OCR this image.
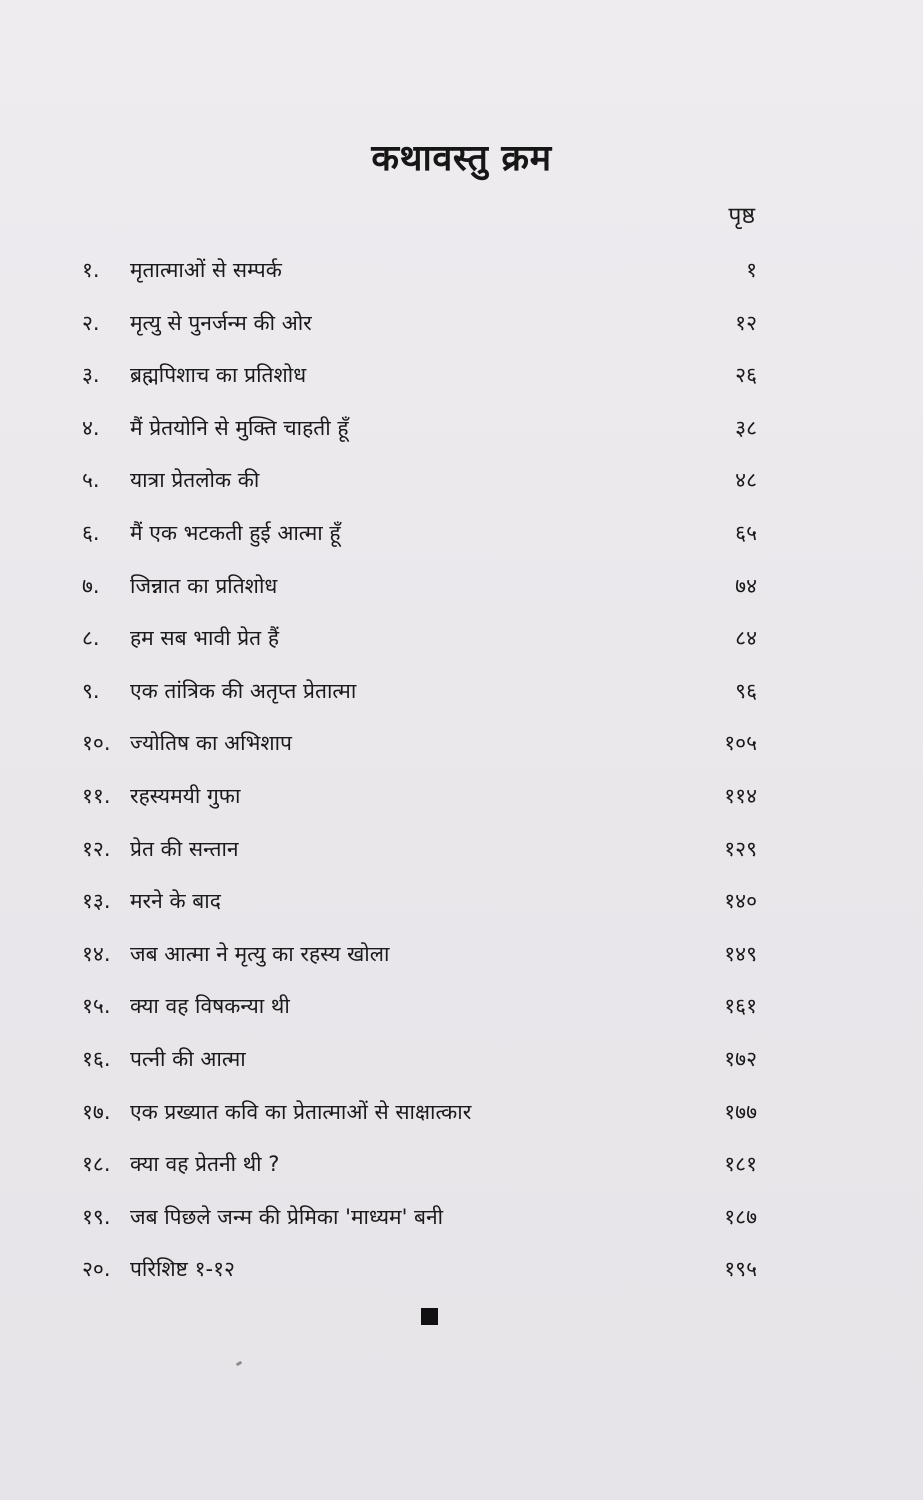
कथावस्तु क्रम
पृष्ठ
१.	मृतात्माओं से सम्पर्क	१
२.	मृत्यु से पुनर्जन्म की ओर	१२
३.	ब्रह्मपिशाच का प्रतिशोध	२६
४.	मैं प्रेतयोनि से मुक्ति चाहती हूँ	३८
५.	यात्रा प्रेतलोक की	४८
६.	मैं एक भटकती हुई आत्मा हूँ	६५
७.	जिन्नात का प्रतिशोध	७४
८.	हम सब भावी प्रेत हैं	८४
९.	एक तांत्रिक की अतृप्त प्रेतात्मा	९६
१०. ज्योतिष का अभिशाप	१०५
११. रहस्यमयी गुफा	११४
१२. प्रेत की सन्तान	१२९
१३. मरने के बाद	१४०
१४. जब आत्मा ने मृत्यु का रहस्य खोला	१४९
१५. क्या वह विषकन्या थी	१६१
१६. पत्नी की आत्मा	१७२
१७. एक प्रख्यात कवि का प्रेतात्माओं से साक्षात्कार	१७७
१८. क्या वह प्रेतनी थी ?	१८१
१९. जब पिछले जन्म की प्रेमिका 'माध्यम' बनी	१८७
२०. परिशिष्ट १-१२	१९५
